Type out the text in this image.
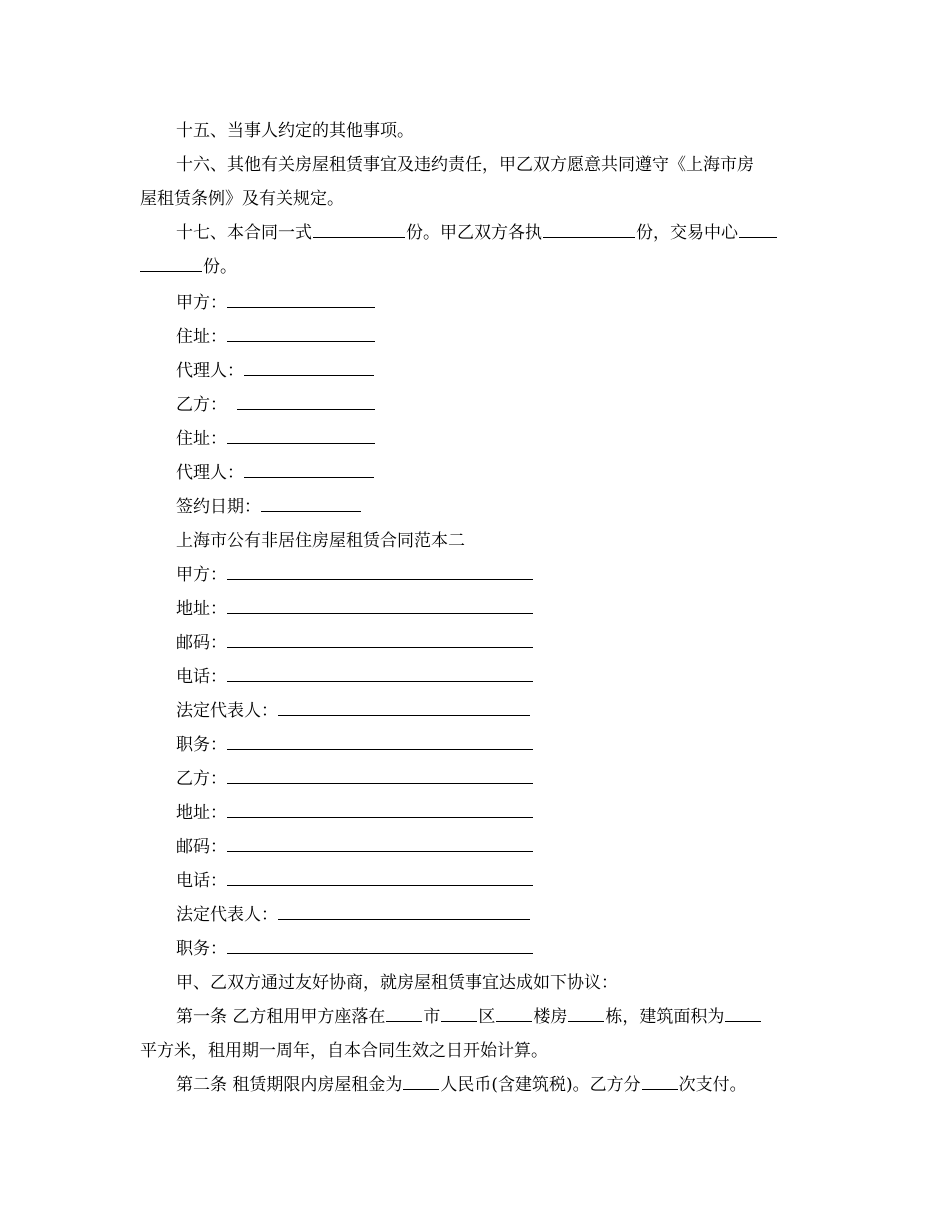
十五、当事人约定的其他事项。
十六、其他有关房屋租赁事宜及违约责任，甲乙双方愿意共同遵守《上海市房
屋租赁条例》及有关规定。
十七、本合同一式	份。甲乙双方各执	份，交易中心
份。
甲方：
住址：
代理人：
乙方：
住址：
代理人：
签约日期：
上海市公有非居住房屋租赁合同范本二
甲方：
地址：
邮码：
电话：
法定代表人：
职务：
乙方：
地址：
邮码：
电话：
法定代表人：
职务：
甲、乙双方通过友好协商，就房屋租赁事宜达成如下协议：
第一条 乙方租用甲方座落在 市 区 楼房 栋，建筑面积为
平方米，租用期一周年，自本合同生效之日开始计算。
第二条 租赁期限内房屋租金为 人民币(含建筑税)。乙方分 次支付。
